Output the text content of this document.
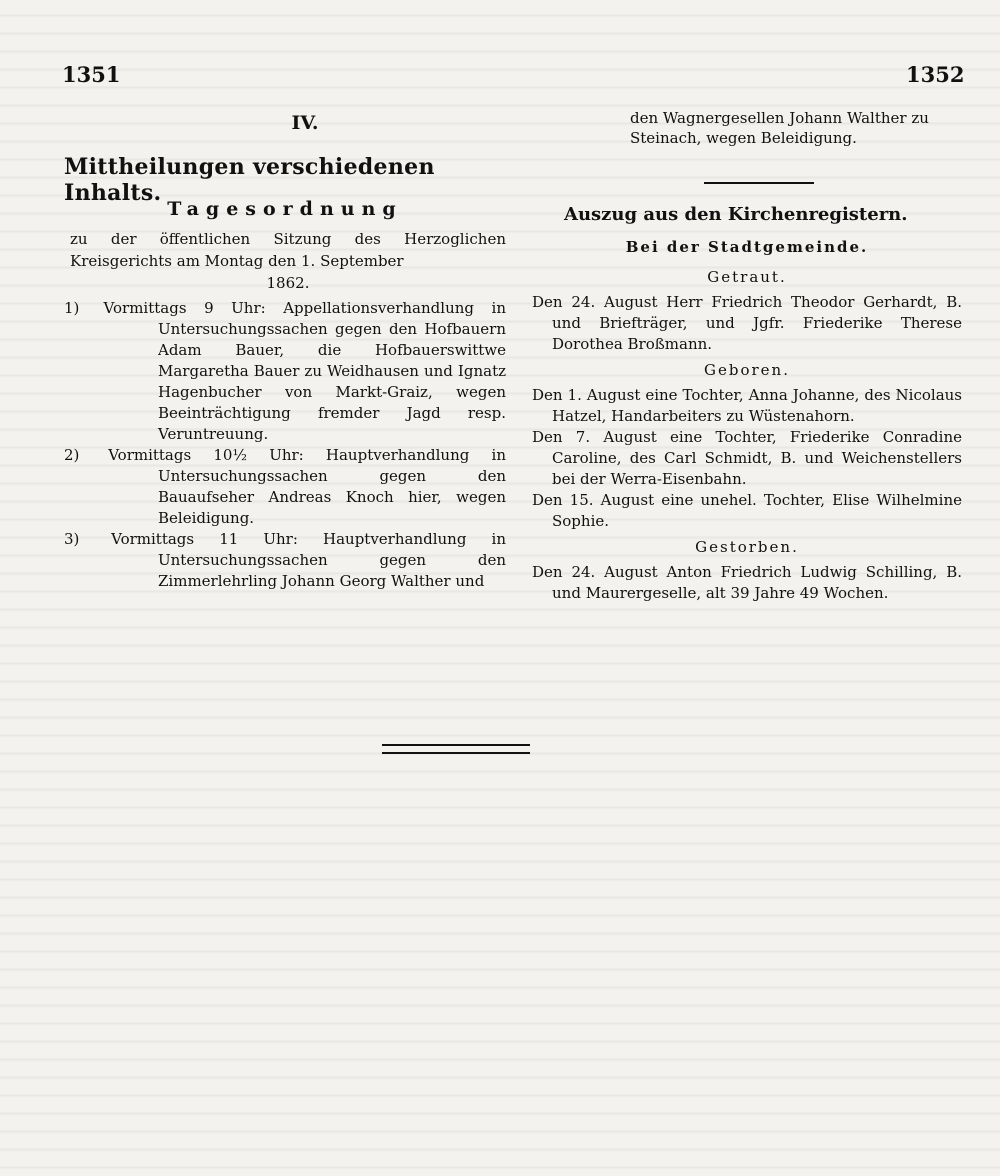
1351	1352
IV.
Mittheilungen verschiedenen Inhalts.
Tagesordnung
zu der öffentlichen Sitzung des Herzoglichen Kreisgerichts am Montag den 1. September
1862.
1) Vormittags 9 Uhr: Appellationsverhandlung in Untersuchungssachen gegen den Hofbauern Adam Bauer, die Hofbauerswittwe Margaretha Bauer zu Weidhausen und Ignatz Hagenbucher von Markt-Graiz, wegen Beeinträchtigung fremder Jagd resp. Veruntreuung.
2) Vormittags 10½ Uhr: Hauptverhandlung in Untersuchungssachen gegen den Bauaufseher Andreas Knoch hier, wegen Beleidigung.
3) Vormittags 11 Uhr: Hauptverhandlung in Untersuchungssachen gegen den Zimmerlehrling Johann Georg Walther und
den Wagnergesellen Johann Walther zu Steinach, wegen Beleidigung.
Auszug aus den Kirchenregistern.
Bei der Stadtgemeinde.
Getraut.
Den 24. August Herr Friedrich Theodor Gerhardt, B. und Briefträger, und Jgfr. Friederike Therese Dorothea Broßmann.
Geboren.
Den 1. August eine Tochter, Anna Johanne, des Nicolaus Hatzel, Handarbeiters zu Wüstenahorn.
Den 7. August eine Tochter, Friederike Conradine Caroline, des Carl Schmidt, B. und Weichenstellers bei der Werra-Eisenbahn.
Den 15. August eine unehel. Tochter, Elise Wilhelmine Sophie.
Gestorben.
Den 24. August Anton Friedrich Ludwig Schilling, B. und Maurergeselle, alt 39 Jahre 49 Wochen.
